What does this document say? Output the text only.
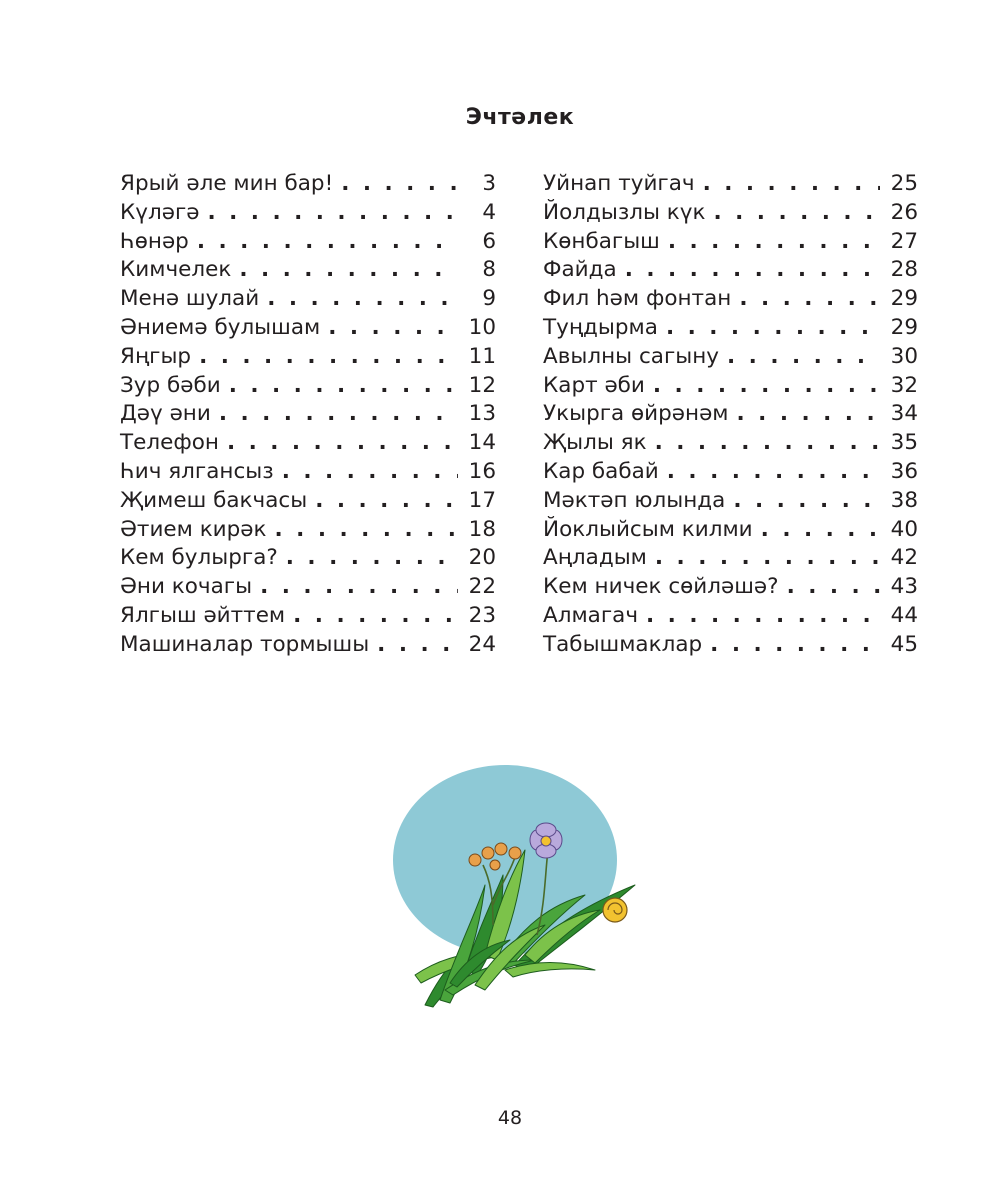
Эчтәлек
Ярый әле мин бар! . . .	3
Күләгә . . .	4
Һөнәр . . .	6
Кимчелек . . .	8
Менә шулай . . .	9
Әниемә булышам . . .	10
Яңгыр . . .	11
Зур бәби . . .	12
Дәү әни . . .	13
Телефон . . .	14
Һич ялгансыз . . .	16
Җимеш бакчасы . . .	17
Әтием кирәк . . .	18
Кем булырга? . . .	20
Әни кочагы . . .	22
Ялгыш әйттем . . .	23
Машиналар тормышы . . .	24
Уйнап туйгач . . .	25
Йолдызлы күк . . .	26
Көнбагыш . . .	27
Файда . . .	28
Фил һәм фонтан . . .	29
Туңдырма . . .	29
Авылны сагыну . . .	30
Карт әби . . .	32
Укырга өйрәнәм . . .	34
Җылы як . . .	35
Кар бабай . . .	36
Мәктәп юлында . . .	38
Йоклыйсым килми . . .	40
Аңладым . . .	42
Кем ничек сөйләшә? . . .	43
Алмагач . . .	44
Табышмаклар . . .	45
48
